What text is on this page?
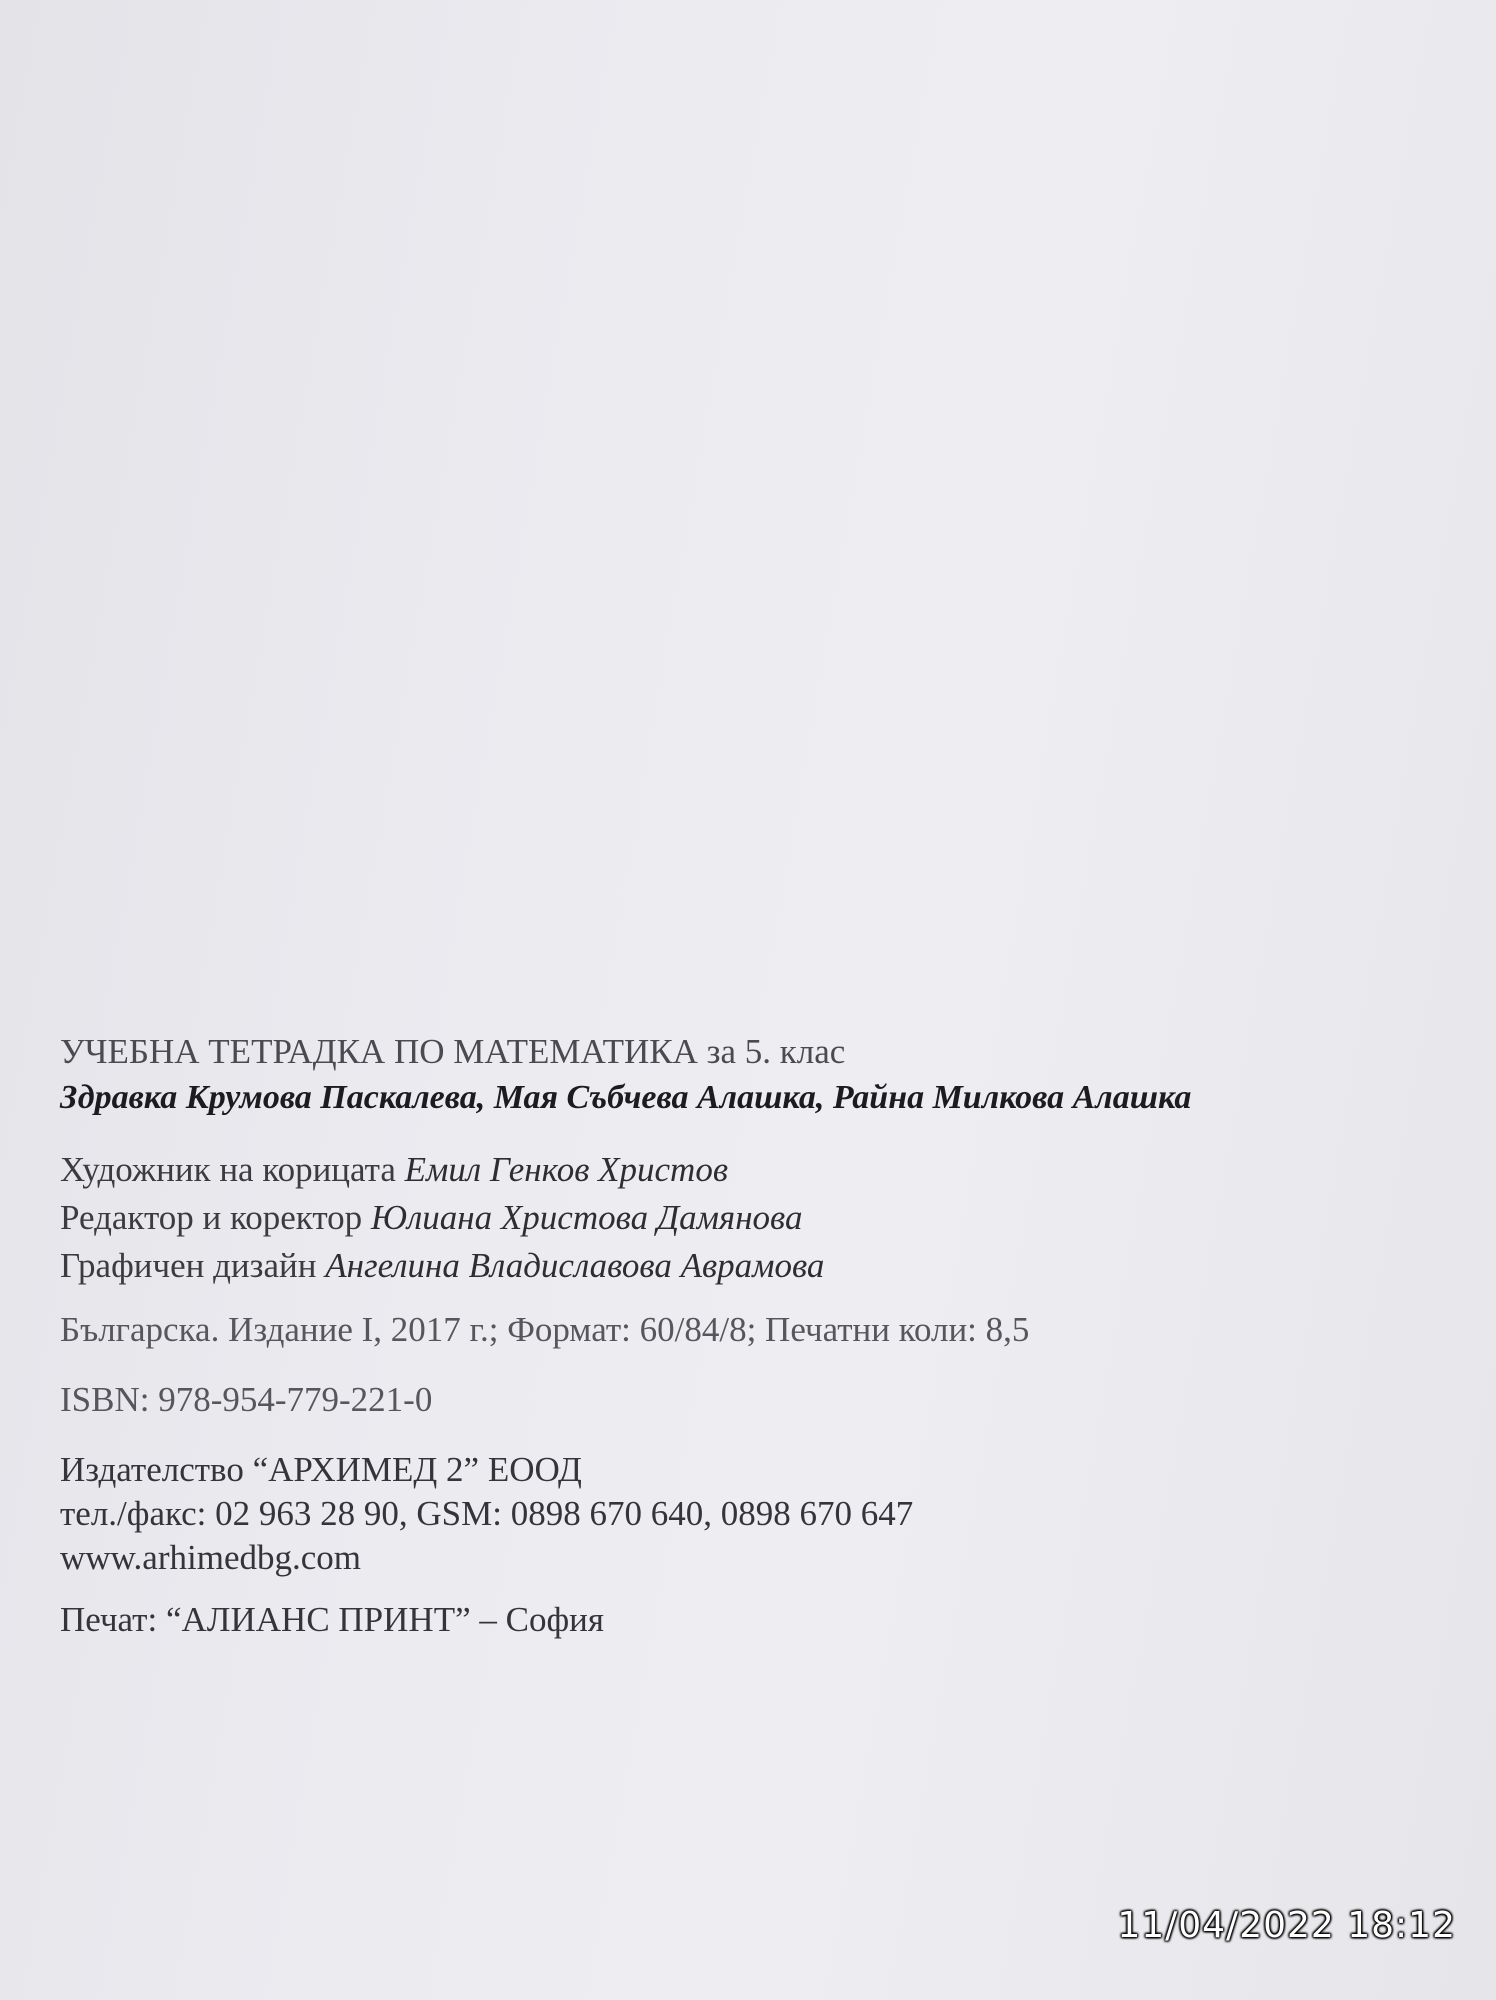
УЧЕБНА ТЕТРАДКА ПО МАТЕМАТИКА за 5. клас
Здравка Крумова Паскалева, Мая Събчева Алашка, Райна Милкова Алашка
Художник на корицата Емил Генков Христов
Редактор и коректор Юлиана Христова Дамянова
Графичен дизайн Ангелина Владиславова Аврамова
Българска. Издание I, 2017 г.; Формат: 60/84/8; Печатни коли: 8,5
ISBN: 978-954-779-221-0
Издателство “АРХИМЕД 2” ЕООД
тел./факс: 02 963 28 90, GSM: 0898 670 640, 0898 670 647
www.arhimedbg.com
Печат: “АЛИАНС ПРИНТ” – София
11/04/2022 18:12
